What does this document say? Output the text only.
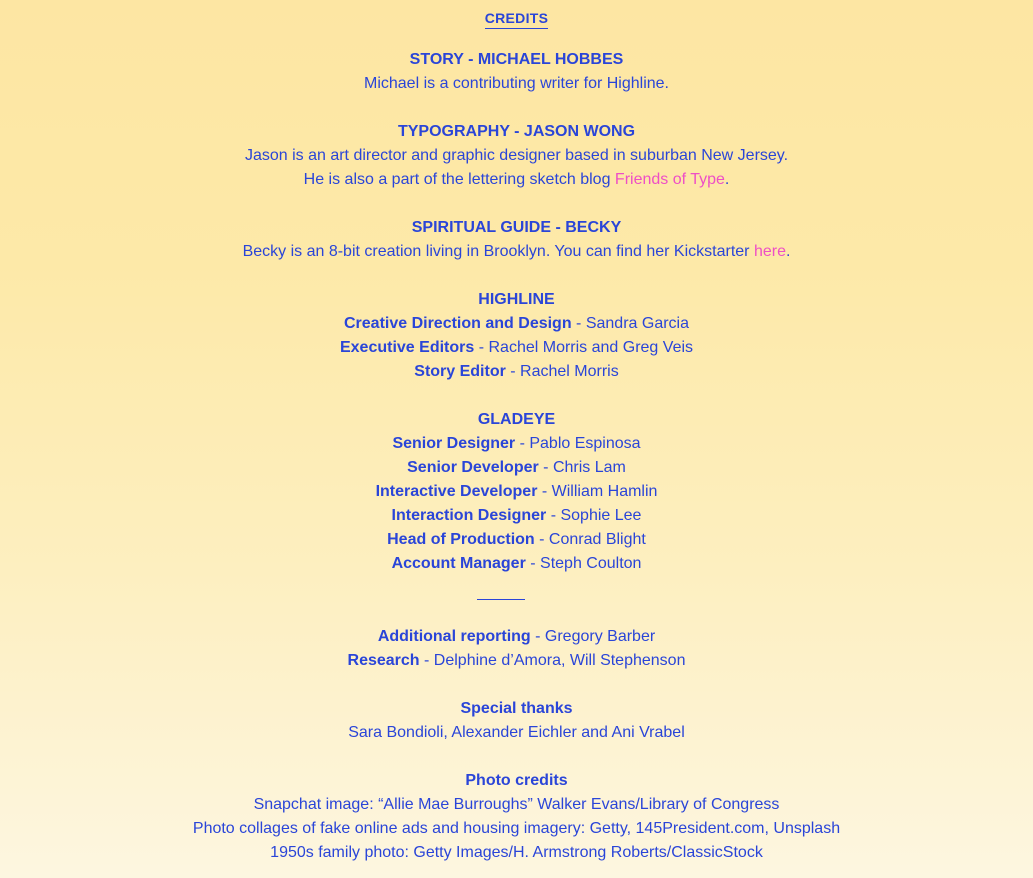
CREDITS
STORY - MICHAEL HOBBES
Michael is a contributing writer for Highline.
TYPOGRAPHY - JASON WONG
Jason is an art director and graphic designer based in suburban New Jersey.
He is also a part of the lettering sketch blog Friends of Type.
SPIRITUAL GUIDE - BECKY
Becky is an 8-bit creation living in Brooklyn. You can find her Kickstarter here.
HIGHLINE
Creative Direction and Design - Sandra Garcia
Executive Editors - Rachel Morris and Greg Veis
Story Editor - Rachel Morris
GLADEYE
Senior Designer - Pablo Espinosa
Senior Developer - Chris Lam
Interactive Developer - William Hamlin
Interaction Designer - Sophie Lee
Head of Production - Conrad Blight
Account Manager - Steph Coulton
Additional reporting - Gregory Barber
Research - Delphine d’Amora, Will Stephenson
Special thanks
Sara Bondioli, Alexander Eichler and Ani Vrabel
Photo credits
Snapchat image: “Allie Mae Burroughs” Walker Evans/Library of Congress
Photo collages of fake online ads and housing imagery: Getty, 145President.com, Unsplash
1950s family photo: Getty Images/H. Armstrong Roberts/ClassicStock
